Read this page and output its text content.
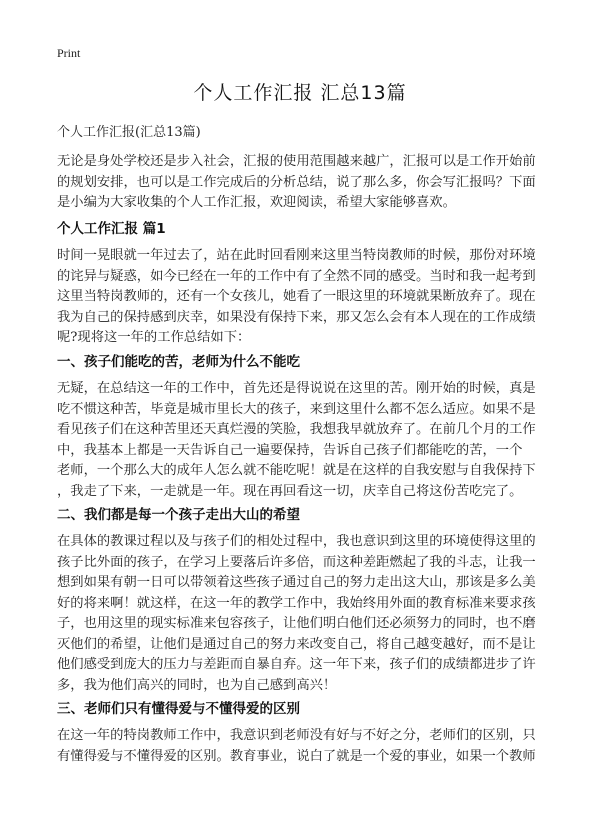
Print
个人工作汇报 汇总13篇
个人工作汇报(汇总13篇)

无论是身处学校还是步入社会，汇报的使用范围越来越广，汇报可以是工作开始前

的规划安排，也可以是工作完成后的分析总结，说了那么多，你会写汇报吗？下面

是小编为大家收集的个人工作汇报，欢迎阅读，希望大家能够喜欢。

个人工作汇报 篇1

时间一晃眼就一年过去了，站在此时回看刚来这里当特岗教师的时候，那份对环境

的诧异与疑惑，如今已经在一年的工作中有了全然不同的感受。当时和我一起考到

这里当特岗教师的，还有一个女孩儿，她看了一眼这里的环境就果断放弃了。现在

我为自己的保持感到庆幸，如果没有保持下来，那又怎么会有本人现在的工作成绩

呢?现将这一年的工作总结如下：

一、孩子们能吃的苦，老师为什么不能吃

无疑，在总结这一年的工作中，首先还是得说说在这里的苦。刚开始的时候，真是

吃不惯这种苦，毕竟是城市里长大的孩子，来到这里什么都不怎么适应。如果不是

看见孩子们在这种苦里还天真烂漫的笑脸，我想我早就放弃了。在前几个月的工作

中，我基本上都是一天告诉自己一遍要保持，告诉自己孩子们都能吃的苦，一个

老师，一个那么大的成年人怎么就不能吃呢！就是在这样的自我安慰与自我保持下

，我走了下来，一走就是一年。现在再回看这一切，庆幸自己将这份苦吃完了。

二、我们都是每一个孩子走出大山的希望

在具体的教课过程以及与孩子们的相处过程中，我也意识到这里的环境使得这里的

孩子比外面的孩子，在学习上要落后许多倍，而这种差距燃起了我的斗志，让我一

想到如果有朝一日可以带领着这些孩子通过自己的努力走出这大山，那该是多么美

好的将来啊！就这样，在这一年的教学工作中，我始终用外面的教育标准来要求孩

子，也用这里的现实标准来包容孩子，让他们明白他们还必须努力的同时，也不磨

灭他们的希望，让他们是通过自己的努力来改变自己，将自己越变越好，而不是让

他们感受到庞大的压力与差距而自暴自弃。这一年下来，孩子们的成绩都进步了许

多，我为他们高兴的同时，也为自己感到高兴！

三、老师们只有懂得爱与不懂得爱的区别

在这一年的特岗教师工作中，我意识到老师没有好与不好之分，老师们的区别，只

有懂得爱与不懂得爱的区别。教育事业，说白了就是一个爱的事业，如果一个教师
